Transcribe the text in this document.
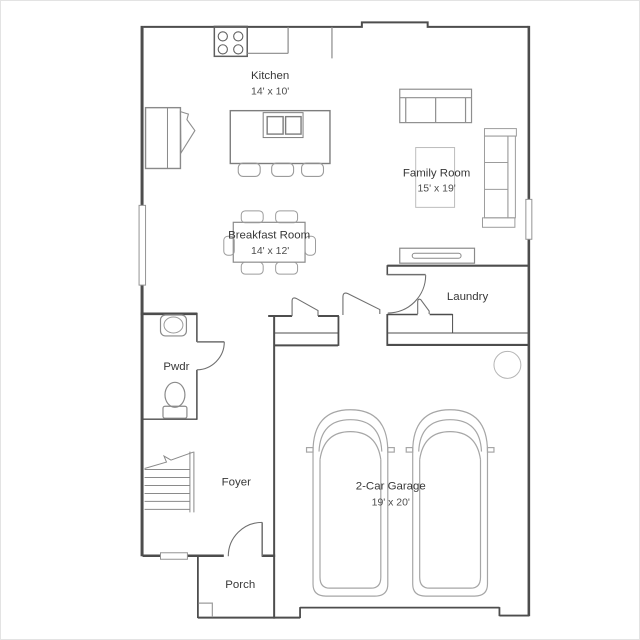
Kitchen
14' x 10'
Family Room
15' x 19'
Breakfast Room
14' x 12'
Laundry
Pwdr
Foyer	2-Car Garage
19' x 20'
Porch
